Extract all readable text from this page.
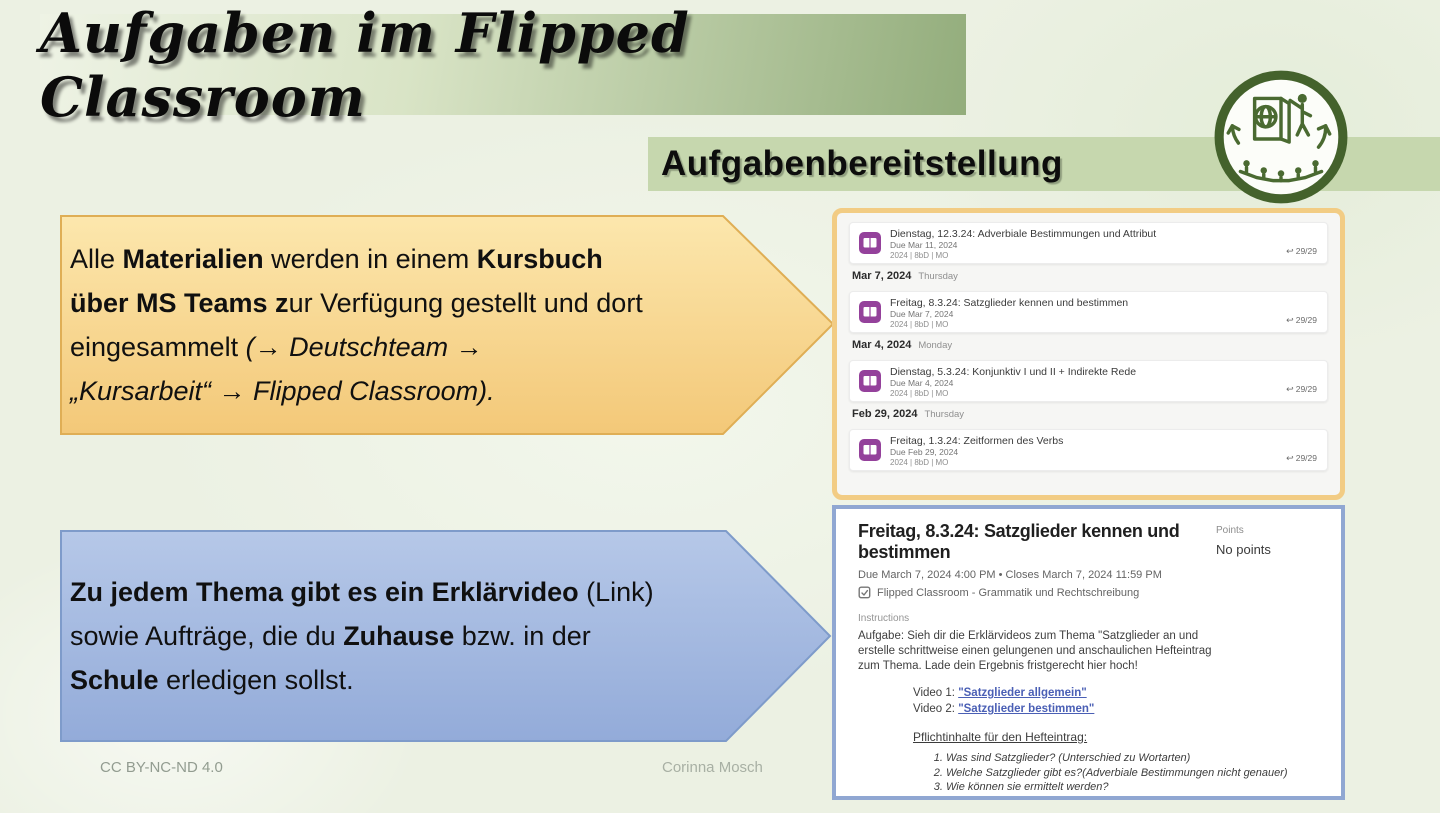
Aufgaben im Flipped Classroom
Aufgabenbereitstellung
Alle Materialien werden in einem Kursbuch
über MS Teams zur Verfügung gestellt und dort
eingesammelt (→ Deutschteam →
„Kursarbeit“ → Flipped Classroom).
Zu jedem Thema gibt es ein Erklärvideo (Link)
sowie Aufträge, die du Zuhause bzw. in der
Schule erledigen sollst.
Dienstag, 12.3.24: Adverbiale Bestimmungen und Attribut
Due Mar 11, 2024
2024 | 8bD | MO	↩ 29/29
Mar 7, 2024 Thursday
Freitag, 8.3.24: Satzglieder kennen und bestimmen
Due Mar 7, 2024
2024 | 8bD | MO	↩ 29/29
Mar 4, 2024 Monday
Dienstag, 5.3.24: Konjunktiv I und II + Indirekte Rede
Due Mar 4, 2024
2024 | 8bD | MO	↩ 29/29
Feb 29, 2024 Thursday
Freitag, 1.3.24: Zeitformen des Verbs
Due Feb 29, 2024
2024 | 8bD | MO	↩ 29/29
Freitag, 8.3.24: Satzglieder kennen und bestimmen
Points
No points
Due March 7, 2024 4:00 PM • Closes March 7, 2024 11:59 PM
Flipped Classroom - Grammatik und Rechtschreibung
Instructions
Aufgabe: Sieh dir die Erklärvideos zum Thema "Satzglieder an und erstelle schrittweise einen gelungenen und anschaulichen Hefteintrag zum Thema. Lade dein Ergebnis fristgerecht hier hoch!
Video 1: "Satzglieder allgemein"
Video 2: "Satzglieder bestimmen"
Pflichtinhalte für den Hefteintrag:
1. Was sind Satzglieder? (Unterschied zu Wortarten)
2. Welche Satzglieder gibt es?(Adverbiale Bestimmungen nicht genauer)
3. Wie können sie ermittelt werden?
CC BY-NC-ND 4.0	Corinna Mosch
